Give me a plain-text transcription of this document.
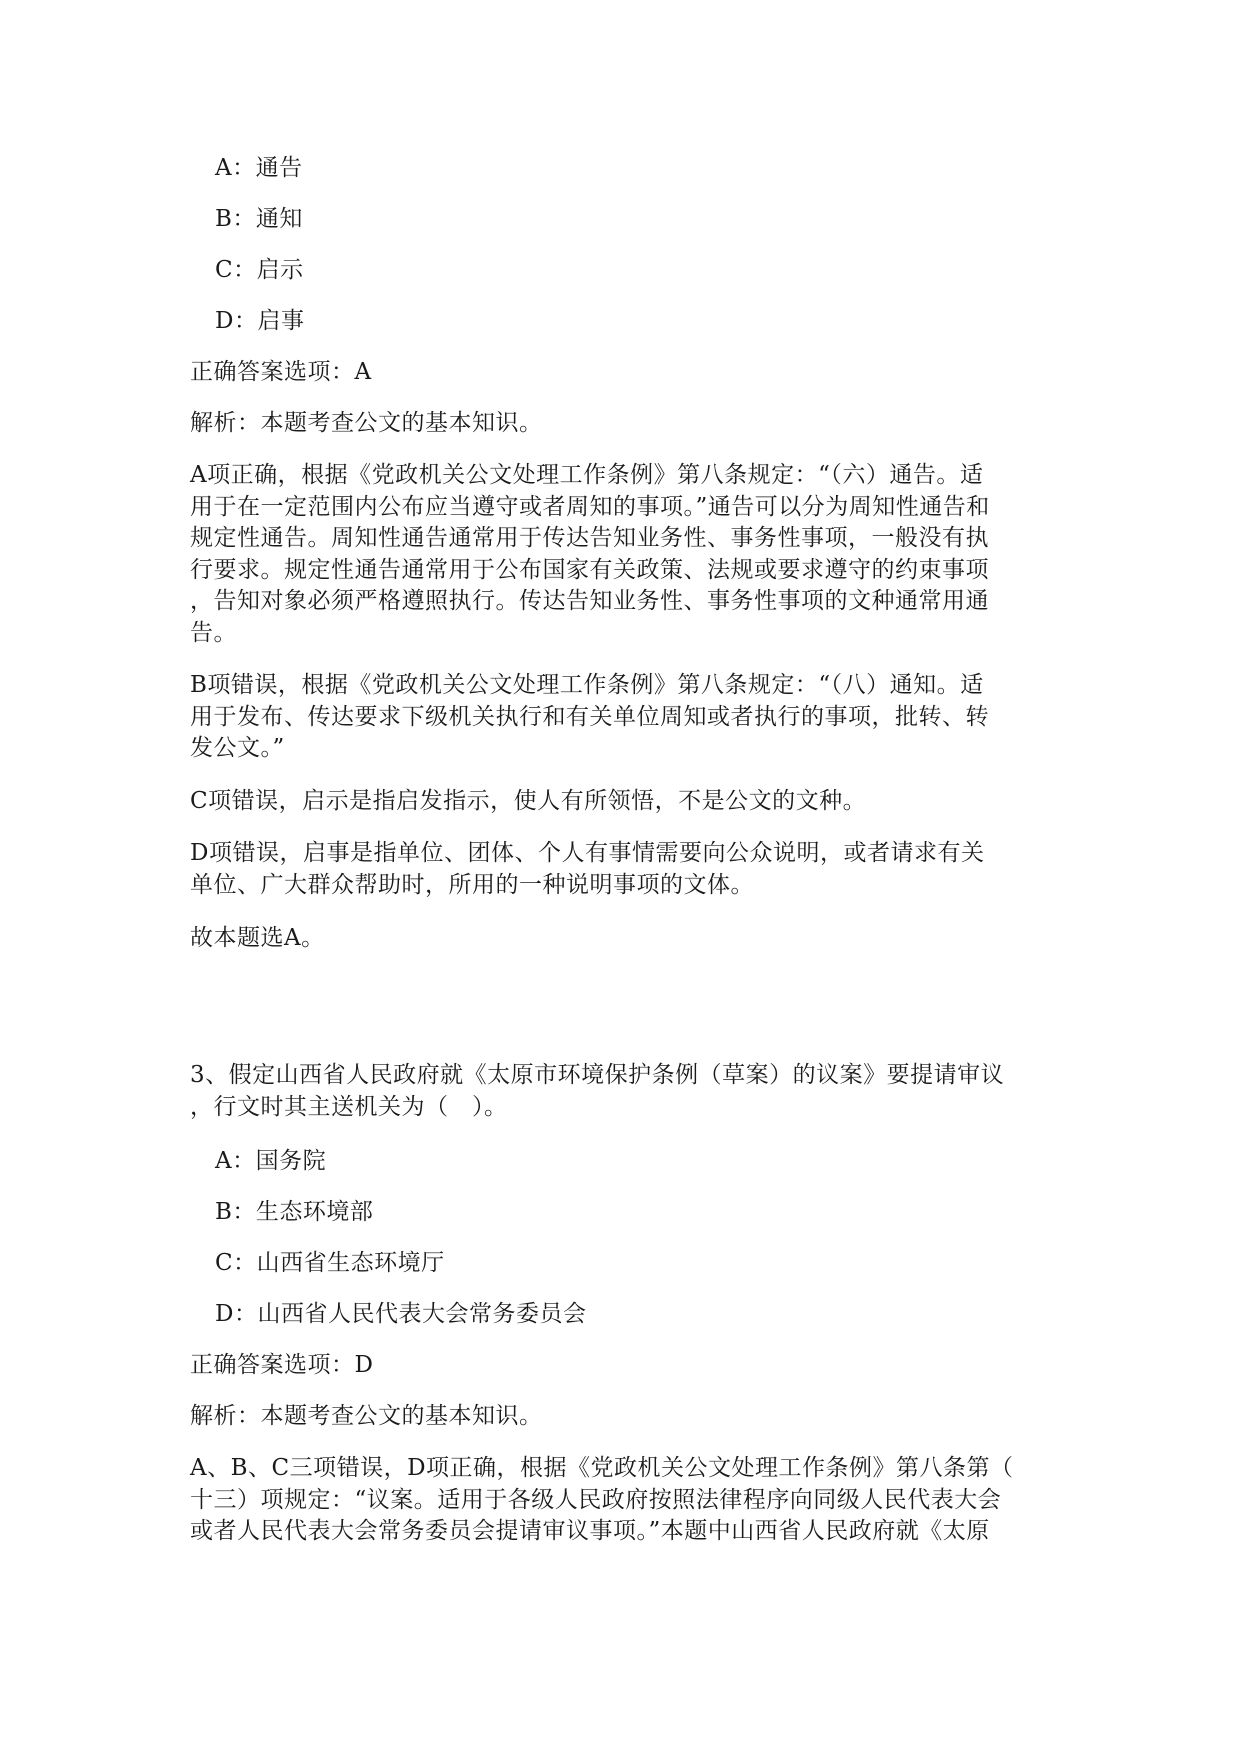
A：通告
B：通知
C：启示
D：启事
正确答案选项：A
解析：本题考查公文的基本知识。
A项正确，根据《党政机关公文处理工作条例》第八条规定：“（六）通告。适
用于在一定范围内公布应当遵守或者周知的事项。”通告可以分为周知性通告和
规定性通告。周知性通告通常用于传达告知业务性、事务性事项，一般没有执
行要求。规定性通告通常用于公布国家有关政策、法规或要求遵守的约束事项
，告知对象必须严格遵照执行。传达告知业务性、事务性事项的文种通常用通
告。
B项错误，根据《党政机关公文处理工作条例》第八条规定：“（八）通知。适
用于发布、传达要求下级机关执行和有关单位周知或者执行的事项，批转、转
发公文。”
C项错误，启示是指启发指示，使人有所领悟，不是公文的文种。
D项错误，启事是指单位、团体、个人有事情需要向公众说明，或者请求有关
单位、广大群众帮助时，所用的一种说明事项的文体。
故本题选A。
3、假定山西省人民政府就《太原市环境保护条例（草案）的议案》要提请审议
，行文时其主送机关为（　）。
A：国务院
B：生态环境部
C：山西省生态环境厅
D：山西省人民代表大会常务委员会
正确答案选项：D
解析：本题考查公文的基本知识。
A、B、C三项错误，D项正确，根据《党政机关公文处理工作条例》第八条第（
十三）项规定：“议案。适用于各级人民政府按照法律程序向同级人民代表大会
或者人民代表大会常务委员会提请审议事项。”本题中山西省人民政府就《太原
